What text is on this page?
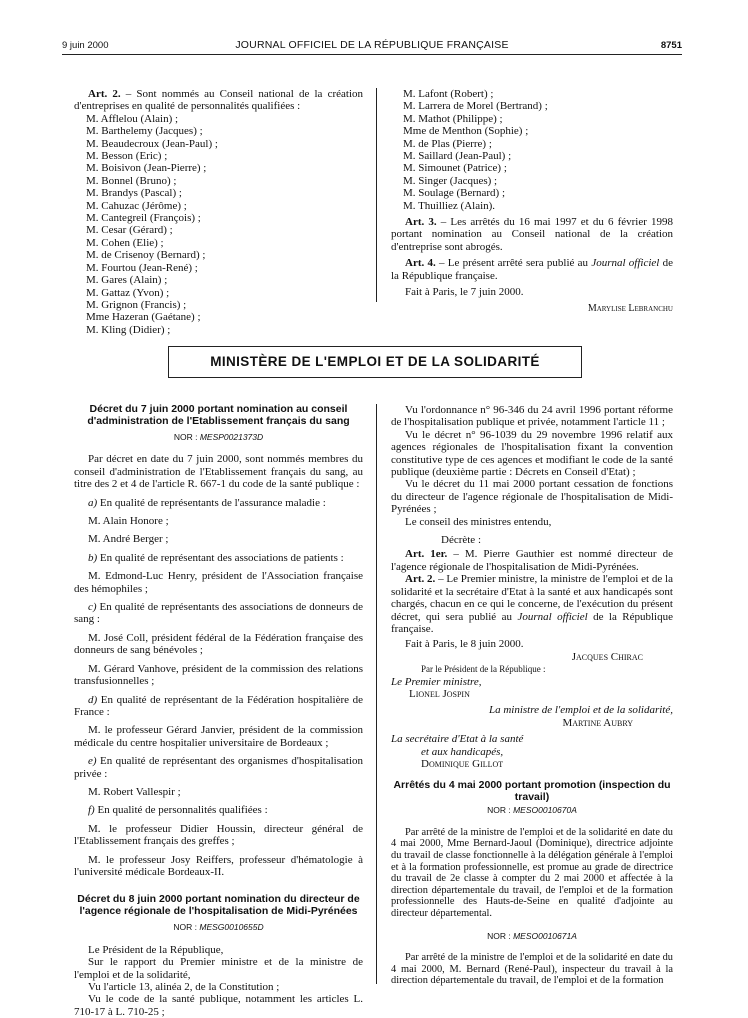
9 juin 2000	JOURNAL OFFICIEL DE LA RÉPUBLIQUE FRANÇAISE	8751

Art. 2. – Sont nommés au Conseil national de la création d'entreprises en qualité de personnalités qualifiées :

M. Afflelou (Alain) ;
M. Barthelemy (Jacques) ;
M. Beaudecroux (Jean-Paul) ;
M. Besson (Eric) ;
M. Boisivon (Jean-Pierre) ;
M. Bonnel (Bruno) ;
M. Brandys (Pascal) ;
M. Cahuzac (Jérôme) ;
M. Cantegreil (François) ;
M. Cesar (Gérard) ;
M. Cohen (Elie) ;
M. de Crisenoy (Bernard) ;
M. Fourtou (Jean-René) ;
M. Gares (Alain) ;
M. Gattaz (Yvon) ;
M. Grignon (Francis) ;
Mme Hazeran (Gaétane) ;
M. Kling (Didier) ;
M. Lafont (Robert) ;
M. Larrera de Morel (Bertrand) ;
M. Mathot (Philippe) ;
Mme de Menthon (Sophie) ;
M. de Plas (Pierre) ;
M. Saillard (Jean-Paul) ;
M. Simounet (Patrice) ;
M. Singer (Jacques) ;
M. Soulage (Bernard) ;
M. Thuilliez (Alain).

Art. 3. – Les arrêtés du 16 mai 1997 et du 6 février 1998 portant nomination au Conseil national de la création d'entreprise sont abrogés.

Art. 4. – Le présent arrêté sera publié au Journal officiel de la République française.

Fait à Paris, le 7 juin 2000.

Marylise Lebranchu

MINISTÈRE DE L'EMPLOI ET DE LA SOLIDARITÉ
Décret du 7 juin 2000 portant nomination au conseil d'administration de l'Etablissement français du sang
NOR : MESP0021373D

Par décret en date du 7 juin 2000, sont nommés membres du conseil d'administration de l'Etablissement français du sang, au titre des 2 et 4 de l'article R. 667-1 du code de la santé publique :

a) En qualité de représentants de l'assurance maladie :

M. Alain Honore ;
M. André Berger ;

b) En qualité de représentant des associations de patients :

M. Edmond-Luc Henry, président de l'Association française des hémophiles ;

c) En qualité de représentants des associations de donneurs de sang :

M. José Coll, président fédéral de la Fédération française des donneurs de sang bénévoles ;
M. Gérard Vanhove, président de la commission des relations transfusionnelles ;

d) En qualité de représentant de la Fédération hospitalière de France :

M. le professeur Gérard Janvier, président de la commission médicale du centre hospitalier universitaire de Bordeaux ;

e) En qualité de représentant des organismes d'hospitalisation privée :

M. Robert Vallespir ;

f) En qualité de personnalités qualifiées :

M. le professeur Didier Houssin, directeur général de l'Etablissement français des greffes ;
M. le professeur Josy Reiffers, professeur d'hématologie à l'université médicale Bordeaux-II.
Décret du 8 juin 2000 portant nomination du directeur de l'agence régionale de l'hospitalisation de Midi-Pyrénées
NOR : MESG0010655D
Le Président de la République,
Sur le rapport du Premier ministre et de la ministre de l'emploi et de la solidarité,
Vu l'article 13, alinéa 2, de la Constitution ;
Vu le code de la santé publique, notamment les articles L. 710-17 à L. 710-25 ;
Vu l'ordonnance n° 96-346 du 24 avril 1996 portant réforme de l'hospitalisation publique et privée, notamment l'article 11 ;
Vu le décret n° 96-1039 du 29 novembre 1996 relatif aux agences régionales de l'hospitalisation fixant la convention constitutive type de ces agences et modifiant le code de la santé publique (deuxième partie : Décrets en Conseil d'Etat) ;
Vu le décret du 11 mai 2000 portant cessation de fonctions du directeur de l'agence régionale de l'hospitalisation de Midi-Pyrénées ;
Le conseil des ministres entendu,

Décrète :

Art. 1er. – M. Pierre Gauthier est nommé directeur de l'agence régionale de l'hospitalisation de Midi-Pyrénées.

Art. 2. – Le Premier ministre, la ministre de l'emploi et de la solidarité et la secrétaire d'Etat à la santé et aux handicapés sont chargés, chacun en ce qui le concerne, de l'exécution du présent décret, qui sera publié au Journal officiel de la République française.

Fait à Paris, le 8 juin 2000.

Jacques Chirac

Par le Président de la République :

Le Premier ministre,

Lionel Jospin

La ministre de l'emploi et de la solidarité,

Martine Aubry

La secrétaire d'Etat à la santé

et aux handicapés,

Dominique Gillot

Arrêtés du 4 mai 2000 portant promotion (inspection du travail)
NOR : MESO0010670A

Par arrêté de la ministre de l'emploi et de la solidarité en date du 4 mai 2000, Mme Bernard-Jaoul (Dominique), directrice adjointe du travail de classe fonctionnelle à la délégation générale à l'emploi et à la formation professionnelle, est promue au grade de directrice du travail de 2e classe à compter du 2 mai 2000 et affectée à la direction départementale du travail, de l'emploi et de la formation professionnelle des Hauts-de-Seine en qualité d'adjointe au directeur départemental.

NOR : MESO0010671A

Par arrêté de la ministre de l'emploi et de la solidarité en date du 4 mai 2000, M. Bernard (René-Paul), inspecteur du travail à la direction départementale du travail, de l'emploi et de la formation
